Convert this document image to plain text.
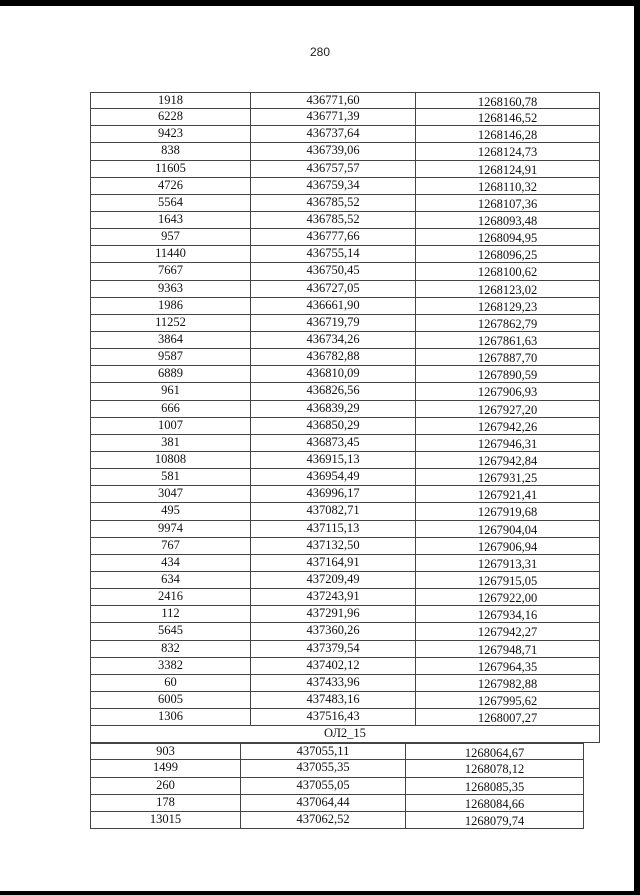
280
1918	436771,60	1268160,78
6228	436771,39	1268146,52
9423	436737,64	1268146,28
838	436739,06	1268124,73
11605	436757,57	1268124,91
4726	436759,34	1268110,32
5564	436785,52	1268107,36
1643	436785,52	1268093,48
957	436777,66	1268094,95
11440	436755,14	1268096,25
7667	436750,45	1268100,62
9363	436727,05	1268123,02
1986	436661,90	1268129,23
11252	436719,79	1267862,79
3864	436734,26	1267861,63
9587	436782,88	1267887,70
6889	436810,09	1267890,59
961	436826,56	1267906,93
666	436839,29	1267927,20
1007	436850,29	1267942,26
381	436873,45	1267946,31
10808	436915,13	1267942,84
581	436954,49	1267931,25
3047	436996,17	1267921,41
495	437082,71	1267919,68
9974	437115,13	1267904,04
767	437132,50	1267906,94
434	437164,91	1267913,31
634	437209,49	1267915,05
2416	437243,91	1267922,00
112	437291,96	1267934,16
5645	437360,26	1267942,27
832	437379,54	1267948,71
3382	437402,12	1267964,35
60	437433,96	1267982,88
6005	437483,16	1267995,62
1306	437516,43	1268007,27
ОЛ2_15
903	437055,11	1268064,67
1499	437055,35	1268078,12
260	437055,05	1268085,35
178	437064,44	1268084,66
13015	437062,52	1268079,74
